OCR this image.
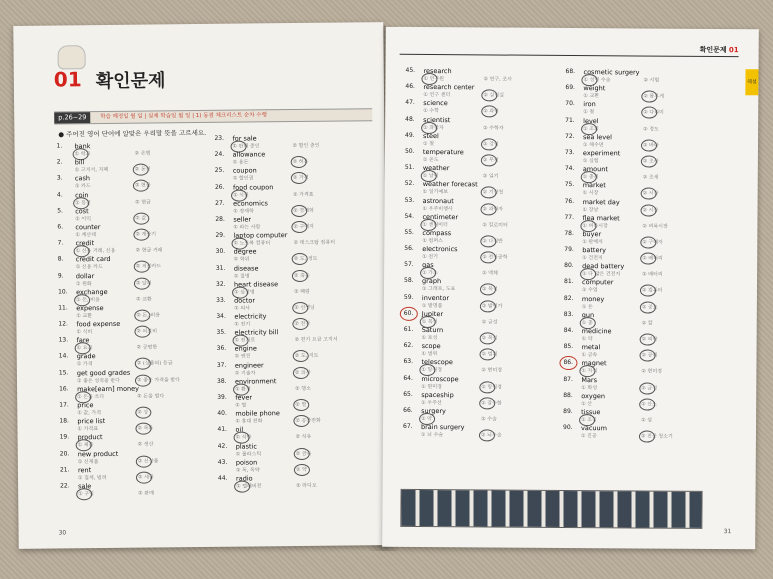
01 확인문제
p.26~29	학습 예정일 월 일 | 실제 학습일 월 일 | 1) 동점 체크리스트 순차 수행
● 주어진 영어 단어에 알맞은 우리말 뜻을 고르세요.
1.	bank
① 학교	② 은행
2.	bill
① 고지서, 지폐	② 동전
3.	cash
① 카드	② 현금
4.	coin
① 동전	② 현금
5.	cost
① 이익	② 값
6.	counter
① 계산대	② 계산기
7.	credit
① 신용 거래, 신용	② 현금 거래
8.	credit card
① 신용 카드	② 직불카드
9.	dollar
① 원화	② 달러
10.	exchange
① 돈, 비용	② 교환
11.	expense
① 교환	② 돈, 비용
12.	food expense
① 식비	② 의료비
13.	fare
① 요금	② 공평한
14.	grade
① 가격	② (상품의) 등급
15.	get good grades
① 좋은 성적을 받다	② 좋은 가격을 받다
16.	make[earn] money
① 돈을 쓰다	② 돈을 벌다
17.	price
① 값, 가격	② 상
18.	price list
① 가격표	② 목록
19.	product
① 제품	② 생산
20.	new product
① 신제품	② 신상품
21.	rent
① 집세, 빌려	② 세금
22.	sale
① 구입	② 판매
23.	for sale
① 판매 중인	② 할인 중인
24.	allowance
① 용돈	② 허용
25.	coupon
① 할인권	② 가격
26.	food coupon
① 식권	② 가격표
27.	economics
① 경제학	② 경제학
28.	seller
① 파는 사람	② 구매자
29.	laptop computer
① 노트북 컴퓨터	② 데스크탑 컴퓨터
30.	degree
① 학위	② 도, 정도
31.	disease
① 질병	② 죽음
32.	heart disease
① 심장병	② 폐렴
33.	doctor
① 의사	② 선생님
34.	electricity
① 전기	② 전자
35.	electricity bill
① 전기료	② 전기 요금 고지서
36.	engine
① 엔진	② 도, 지도
37.	engineer
① 기술자	② 의사
38.	environment
① 환경	② 행소
39.	fever
① 열	② 열
40.	mobile phone
① 휴대 전화	② 공중전화
41.	oil
① 석탄	② 석유
42.	plastic
① 플라스틱	② 금속
43.	poison
① 독, 독약	② 약
44.	radio
① 텔레비전	② 라디오
30
확인문제 01
해설
45.	research
① 연구원	② 연구, 조사
46.	research center
① 연구 센터	② 실험실
47.	science
① 수학	② 과학
48.	scientist
① 과학자	② 수학자
49.	steel
① 철	② 강철
50.	temperature
① 온도	② 무게
51.	weather
① 날씨	② 일기
52.	weather forecast
① 일기예보	② 기상청
53.	astronaut
① 우주비행사	② 과학자
54.	centimeter
① 센티미터	② 킬로미터
55.	compass
① 컴퍼스	② 나침반
56.	electronics
① 전기	② 전자공학
57.	gas
① 가스	② 액체
58.	graph
① 그래프, 도표	② 목적
59.	inventor
① 발명품	② 발명가
60.	Jupiter
① 목성	② 금성
61.	Saturn
① 토성	② 목성
62.	scope
① 범위	② 범위
63.	telescope
① 망원경	② 현미경
64.	microscope
① 현미경	② 망원경
65.	spaceship
① 우주선	② 잠수함
66.	surgery
① 약	② 수술
67.	brain surgery
① 뇌 수술	② 뇌수술
68.	cosmetic surgery
① 성형 수술	② 시험
69.	weight
① 교환	② 몸무게
70.	iron
① 철	② 다리미
71.	level
① 조회	② 정도
72.	sea level
① 해수면	② 바다
73.	experiment
① 실험	② 조사
74.	amount
① 총계	② 조세
75.	market
① 시장	② 시장
76.	market day
① 장날	② 시장
77.	flea market
① 벼룩시장	② 벼룩시장
78.	buyer
① 판매자	② 구매자
79.	battery
① 건전지	② 배터리
80.	dead battery
① 다 닳은 건전지	② 배터리
81.	computer
① 수업	② 컴퓨터
82.	money
① 돈	② 중요
83.	gun
① 총	② 칼
84.	medicine
① 약	② 의약
85.	metal
① 금속	② 공예
86.	magnet
① 자석	② 현미경
87.	Mars
① 화성	② 금성
88.	oxygen
① 산	② 산소
89.	tissue
① 조직	② 섬
90.	vacuum
① 진공	② 진공 청소기
31
